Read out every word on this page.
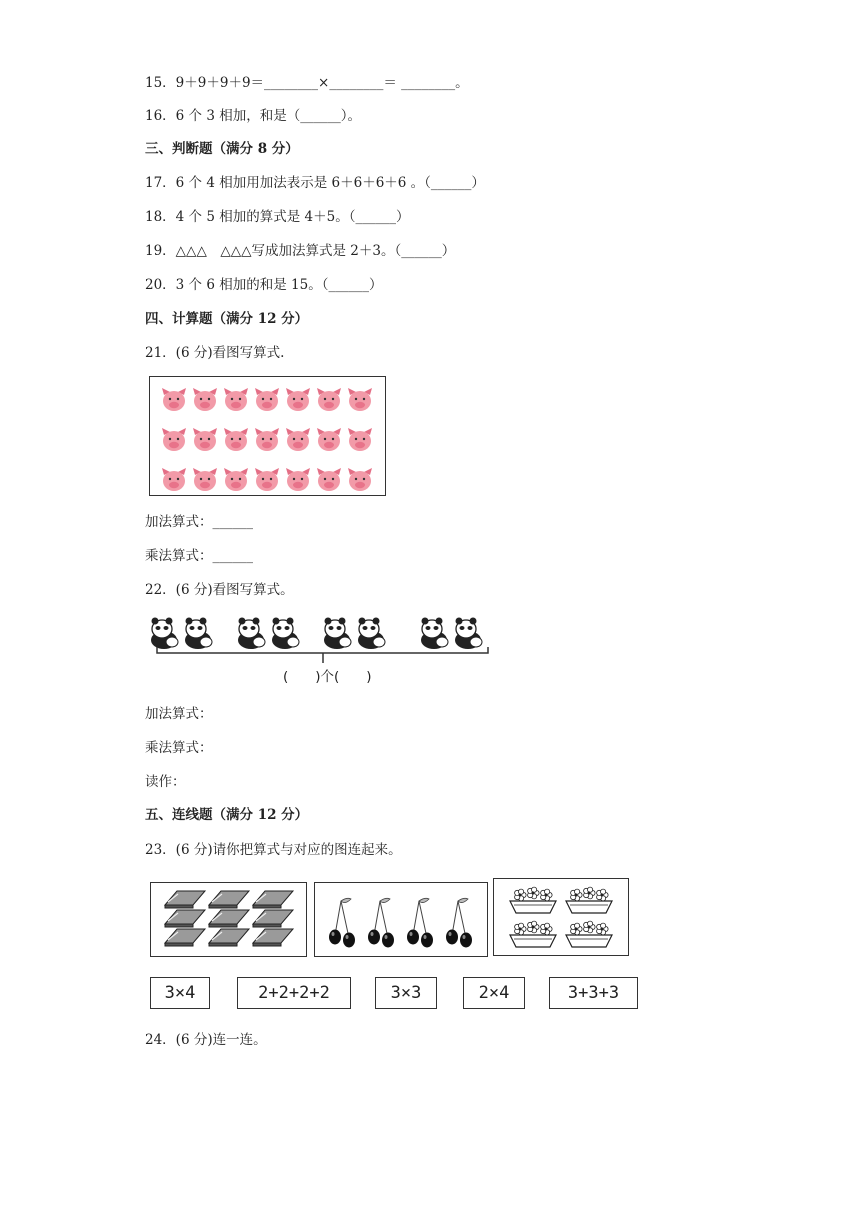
15．9＋9＋9＋9＝________×________＝ ________。
16．6 个 3 相加，和是（______）。
三、判断题（满分 8 分）
17．6 个 4 相加用加法表示是 6＋6＋6＋6 。（______）
18．4 个 5 相加的算式是 4＋5。（______）
19．△△△　△△△写成加法算式是 2＋3。（______）
20．3 个 6 相加的和是 15。（______）
四、计算题（满分 12 分）
21．(6 分)看图写算式.
加法算式：______
乘法算式：______
22．(6 分)看图写算式。
(　　)个(　　)
加法算式：
乘法算式：
读作：
五、连线题（满分 12 分）
23．(6 分)请你把算式与对应的图连起来。
3×4	2+2+2+2	3×3	2×4	3+3+3
24．(6 分)连一连。
